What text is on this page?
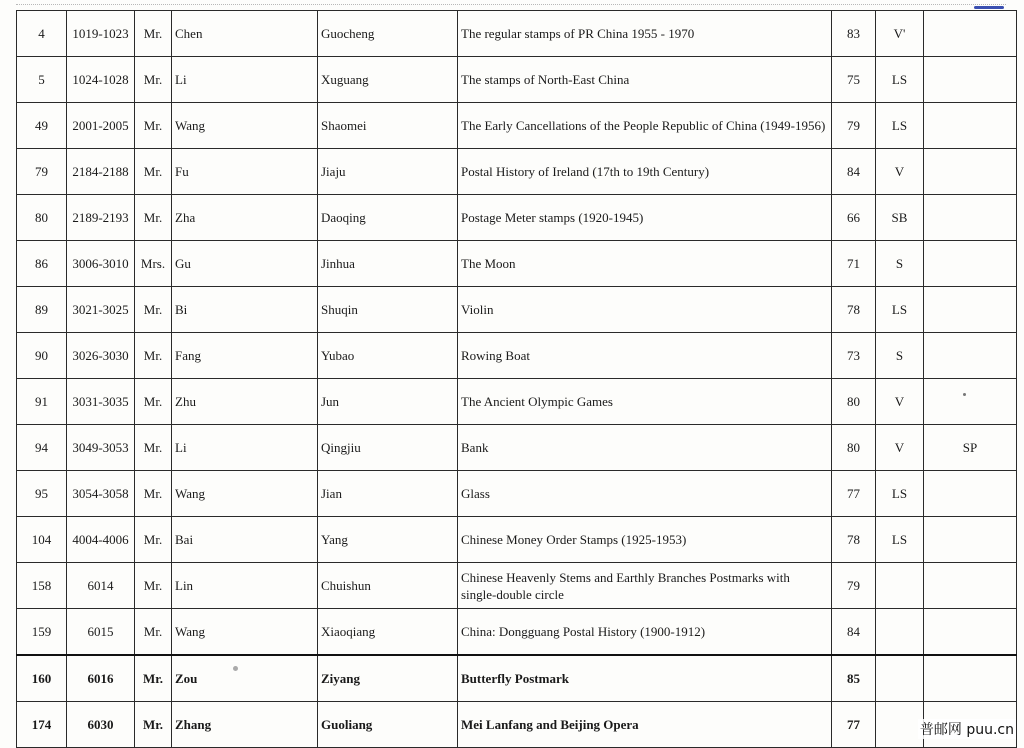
4	1019-1023	Mr.	Chen	Guocheng	The regular stamps of PR China 1955 - 1970	83	V'	
5	1024-1028	Mr.	Li	Xuguang	The stamps of North-East China	75	LS	
49	2001-2005	Mr.	Wang	Shaomei	The Early Cancellations of the People Republic of China (1949-1956)	79	LS	
79	2184-2188	Mr.	Fu	Jiaju	Postal History of Ireland (17th to 19th Century)	84	V	
80	2189-2193	Mr.	Zha	Daoqing	Postage Meter stamps (1920-1945)	66	SB	
86	3006-3010	Mrs.	Gu	Jinhua	The Moon	71	S	
89	3021-3025	Mr.	Bi	Shuqin	Violin	78	LS	
90	3026-3030	Mr.	Fang	Yubao	Rowing Boat	73	S	
91	3031-3035	Mr.	Zhu	Jun	The Ancient Olympic Games	80	V	
94	3049-3053	Mr.	Li	Qingjiu	Bank	80	V	SP
95	3054-3058	Mr.	Wang	Jian	Glass	77	LS	
104	4004-4006	Mr.	Bai	Yang	Chinese Money Order Stamps (1925-1953)	78	LS	
158	6014	Mr.	Lin	Chuishun	Chinese Heavenly Stems and Earthly Branches Postmarks with single-double circle	79		
159	6015	Mr.	Wang	Xiaoqiang	China: Dongguang Postal History (1900-1912)	84		
160	6016	Mr.	Zou	Ziyang	Butterfly Postmark	85		
174	6030	Mr.	Zhang	Guoliang	Mei Lanfang and Beijing Opera	77			普邮网 puu.cn
